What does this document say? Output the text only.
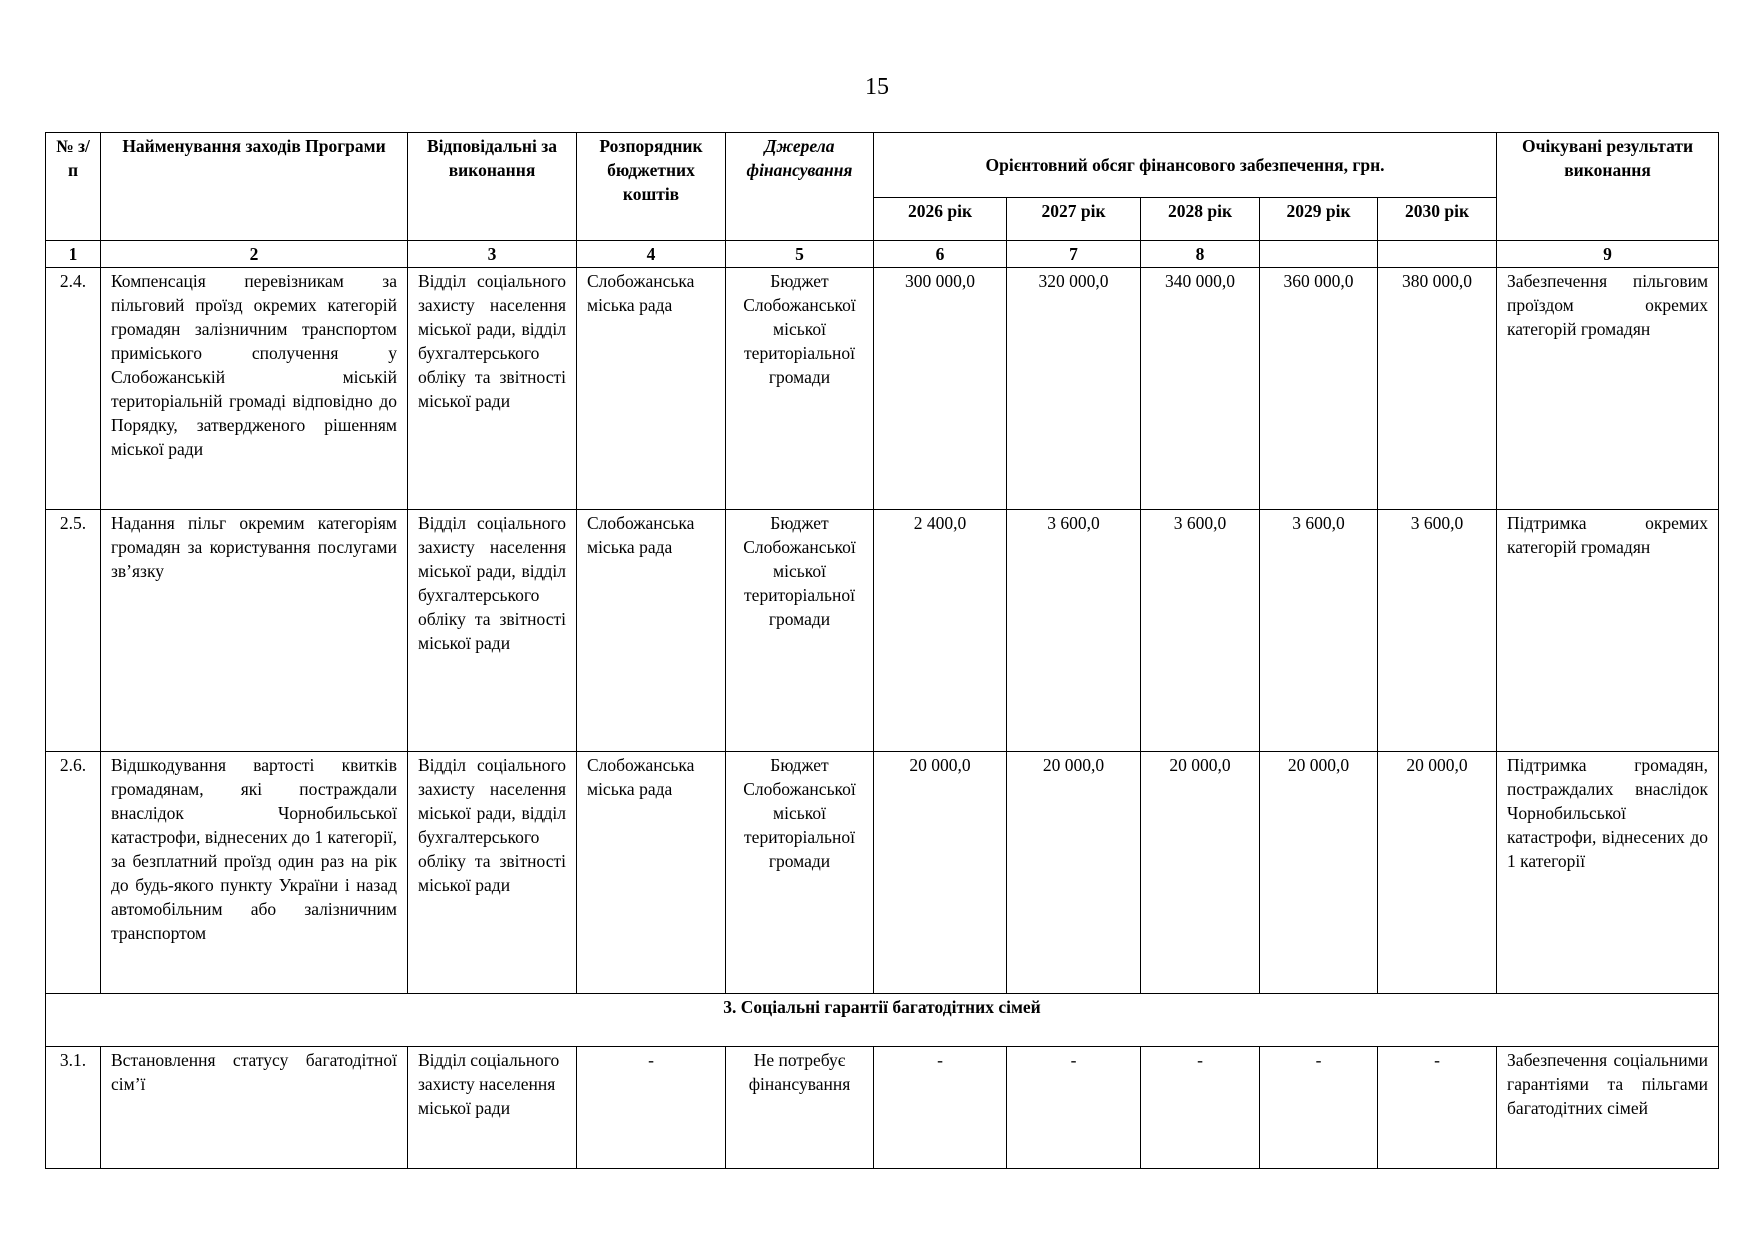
15
№ з/п	Найменування заходів Програми	Відповідальні за виконання	Розпорядник бюджетних коштів	Джерела фінансування	Орієнтовний обсяг фінансового забезпечення, грн.					Очікувані результати виконання
					2026 рік	2027 рік	2028 рік	2029 рік	2030 рік	
1	2	3	4	5	6	7	8			9
2.4.	Компенсація перевізникам за пільговий проїзд окремих категорій громадян залізничним транспортом приміського сполучення у Слобожанській міській територіальній громаді відповідно до Порядку, затвердженого рішенням міської ради	Відділ соціального захисту населення міської ради, відділ бухгалтерського обліку та звітності міської ради	Слобожанська міська рада	Бюджет Слобожанської міської територіальної громади	300 000,0	320 000,0	340 000,0	360 000,0	380 000,0	Забезпечення пільговим проїздом окремих категорій громадян
2.5.	Надання пільг окремим категоріям громадян за користування послугами зв’язку	Відділ соціального захисту населення міської ради, відділ бухгалтерського обліку та звітності міської ради	Слобожанська міська рада	Бюджет Слобожанської міської територіальної громади	2 400,0	3 600,0	3 600,0	3 600,0	3 600,0	Підтримка окремих категорій громадян
2.6.	Відшкодування вартості квитків громадянам, які постраждали внаслідок Чорнобильської катастрофи, віднесених до 1 категорії, за безплатний проїзд один раз на рік до будь-якого пункту України і назад автомобільним або залізничним транспортом	Відділ соціального захисту населення міської ради, відділ бухгалтерського обліку та звітності міської ради	Слобожанська міська рада	Бюджет Слобожанської міської територіальної громади	20 000,0	20 000,0	20 000,0	20 000,0	20 000,0	Підтримка громадян, постраждалих внаслідок Чорнобильської катастрофи, віднесених до 1 категорії
3. Соціальні гарантії багатодітних сімей										
3.1.	Встановлення статусу багатодітної сім’ї	Відділ соціального захисту населення міської ради	-	Не потребує фінансування	-	-	-	-	-	Забезпечення соціальними гарантіями та пільгами багатодітних сімей
